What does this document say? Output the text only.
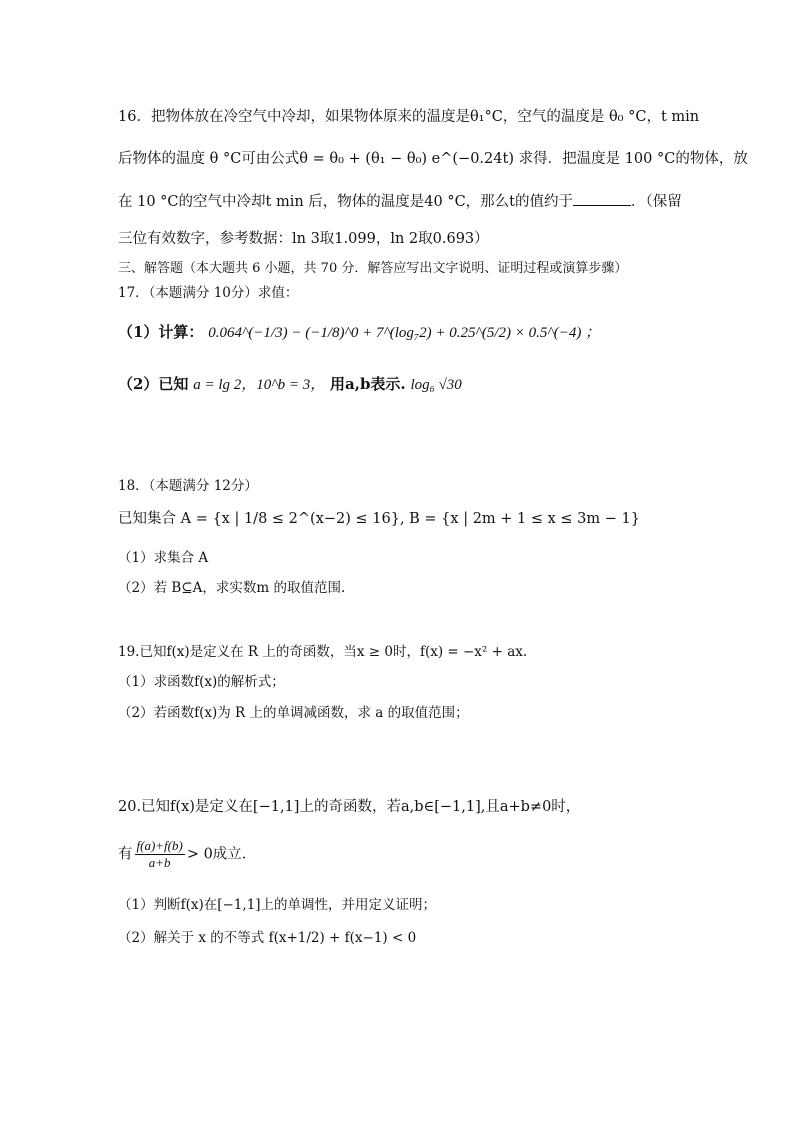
16．把物体放在冷空气中冷却，如果物体原来的温度是θ₁°C，空气的温度是 θ₀ °C，t min
后物体的温度 θ °C可由公式θ = θ₀ + (θ₁ − θ₀) e^(−0.24t) 求得．把温度是 100 °C的物体，放
在 10 °C的空气中冷却t min 后，物体的温度是40 °C，那么t的值约于	．（保留
三位有效数字，参考数据：ln 3取1.099，ln 2取0.693）
三、解答题（本大题共 6 小题，共 70 分．解答应写出文字说明、证明过程或演算步骤）
17．（本题满分 10分）求值：
（1）计算： 0.064^(−1/3) − (−1/8)^0 + 7^(log₇2) + 0.25^(5/2) × 0.5^(−4) ；
（2）已知 a = lg 2，10^b = 3， 用a,b表示. log₆ √30
18．（本题满分 12分）
已知集合 A = {x | 1/8 ≤ 2^(x−2) ≤ 16}, B = {x | 2m + 1 ≤ x ≤ 3m − 1}
（1）求集合 A
（2）若 B⊆A，求实数m 的取值范围.
19.已知f(x)是定义在 R 上的奇函数，当x ≥ 0时，f(x) = −x² + ax.
（1）求函数f(x)的解析式；
（2）若函数f(x)为 R 上的单调减函数，求 a 的取值范围；
20.已知f(x)是定义在[−1,1]上的奇函数，若a,b∈[−1,1],且a+b≠0时，
有 $\frac{f(a)+f(b)}{a+b} > 0$成立．
（1）判断f(x)在[−1,1]上的单调性，并用定义证明；
（2）解关于 x 的不等式 f(x+1/2) + f(x−1) < 0
